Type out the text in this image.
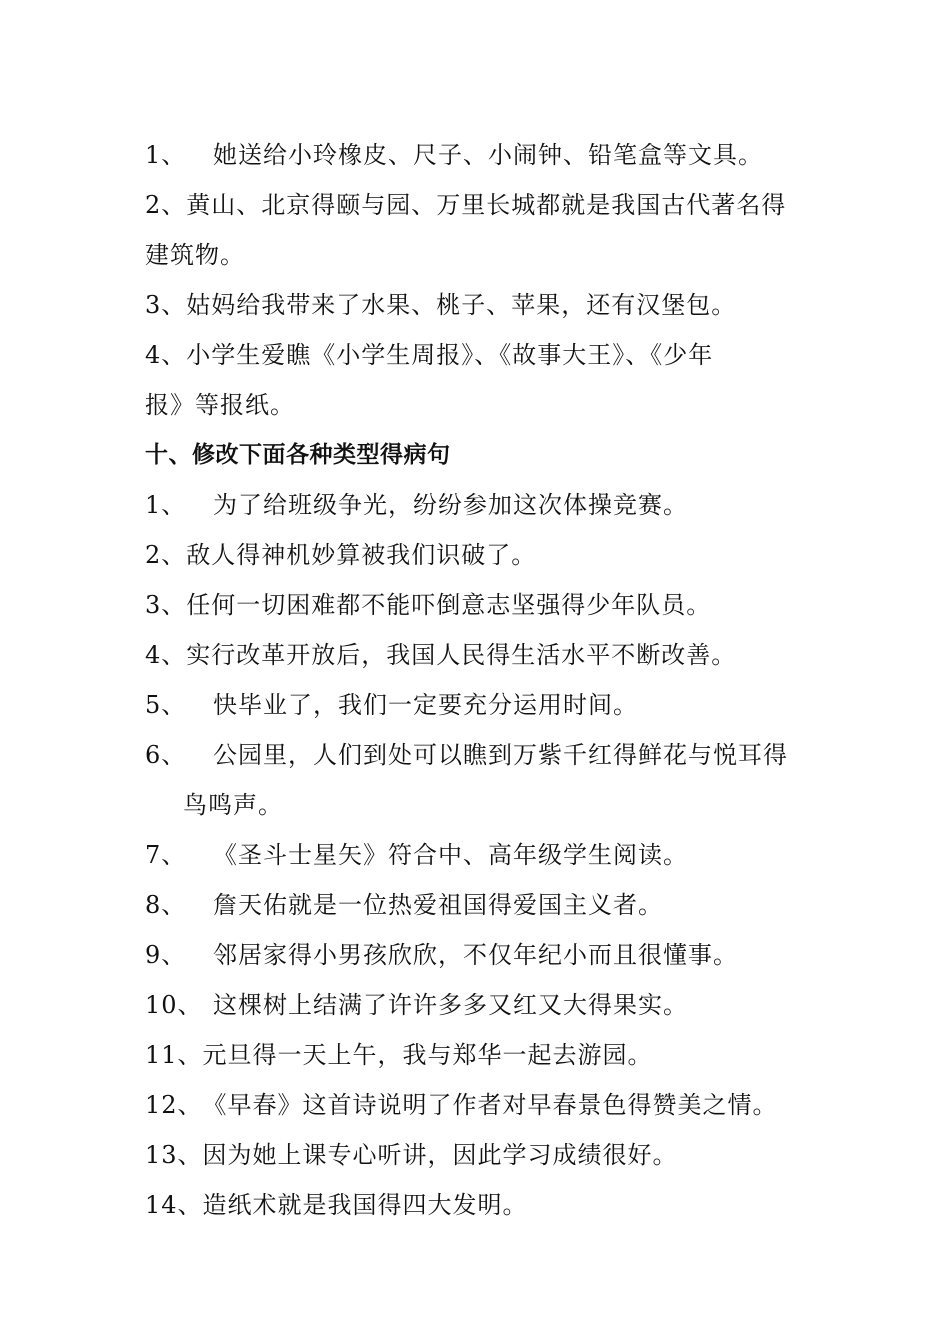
1、 她送给小玲橡皮、尺子、小闹钟、铅笔盒等文具。
2、黄山、北京得颐与园、万里长城都就是我国古代著名得
建筑物。
3、姑妈给我带来了水果、桃子、苹果，还有汉堡包。
4、小学生爱瞧《小学生周报》、《故事大王》、《少年
报》等报纸。
十、修改下面各种类型得病句
1、 为了给班级争光，纷纷参加这次体操竞赛。
2、敌人得神机妙算被我们识破了。
3、任何一切困难都不能吓倒意志坚强得少年队员。
4、实行改革开放后，我国人民得生活水平不断改善。
5、 快毕业了，我们一定要充分运用时间。
6、 公园里，人们到处可以瞧到万紫千红得鲜花与悦耳得
鸟鸣声。
7、 《圣斗士星矢》符合中、高年级学生阅读。
8、 詹天佑就是一位热爱祖国得爱国主义者。
9、 邻居家得小男孩欣欣，不仅年纪小而且很懂事。
10、 这棵树上结满了许许多多又红又大得果实。
11、元旦得一天上午，我与郑华一起去游园。
12、《早春》这首诗说明了作者对早春景色得赞美之情。
13、因为她上课专心听讲，因此学习成绩很好。
14、造纸术就是我国得四大发明。
